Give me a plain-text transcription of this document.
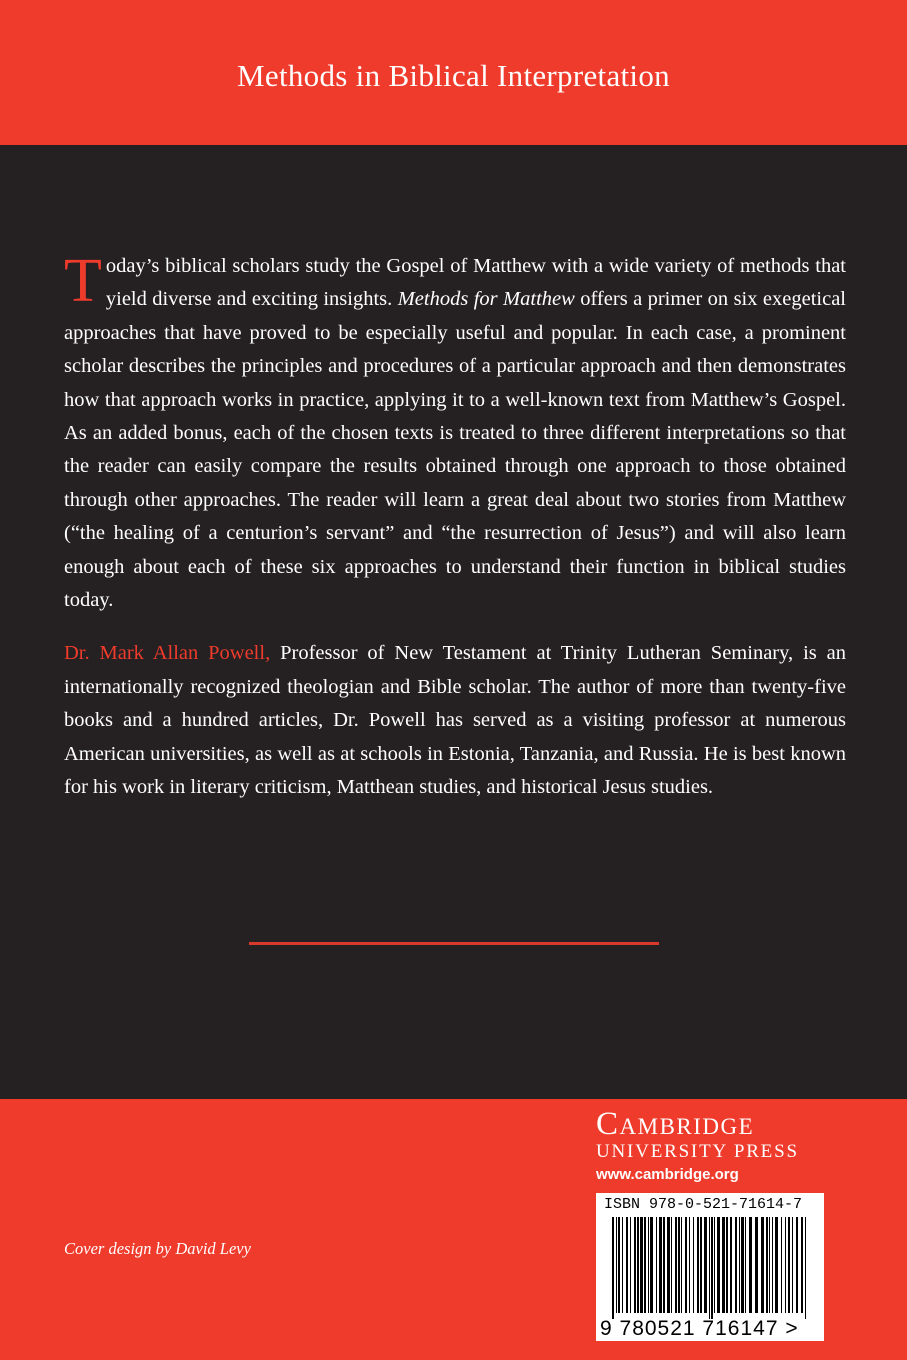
Methods in Biblical Interpretation
Today’s biblical scholars study the Gospel of Matthew with a wide variety of methods that yield diverse and exciting insights. Methods for Matthew offers a primer on six exegetical approaches that have proved to be especially useful and popular. In each case, a prominent scholar describes the principles and procedures of a particular approach and then demonstrates how that approach works in practice, applying it to a well-known text from Matthew’s Gospel. As an added bonus, each of the chosen texts is treated to three different interpretations so that the reader can easily compare the results obtained through one approach to those obtained through other approaches. The reader will learn a great deal about two stories from Matthew (“the healing of a centurion’s servant” and “the resurrection of Jesus”) and will also learn enough about each of these six approaches to understand their function in biblical studies today.
Dr. Mark Allan Powell, Professor of New Testament at Trinity Lutheran Seminary, is an internationally recognized theologian and Bible scholar. The author of more than twenty-five books and a hundred articles, Dr. Powell has served as a visiting professor at numerous American universities, as well as at schools in Estonia, Tanzania, and Russia. He is best known for his work in literary criticism, Matthean studies, and historical Jesus studies.
Cover design by David Levy
Cambridge
UNIVERSITY PRESS
www.cambridge.org
ISBN 978-0-521-71614-7
9 780521 716147 >
